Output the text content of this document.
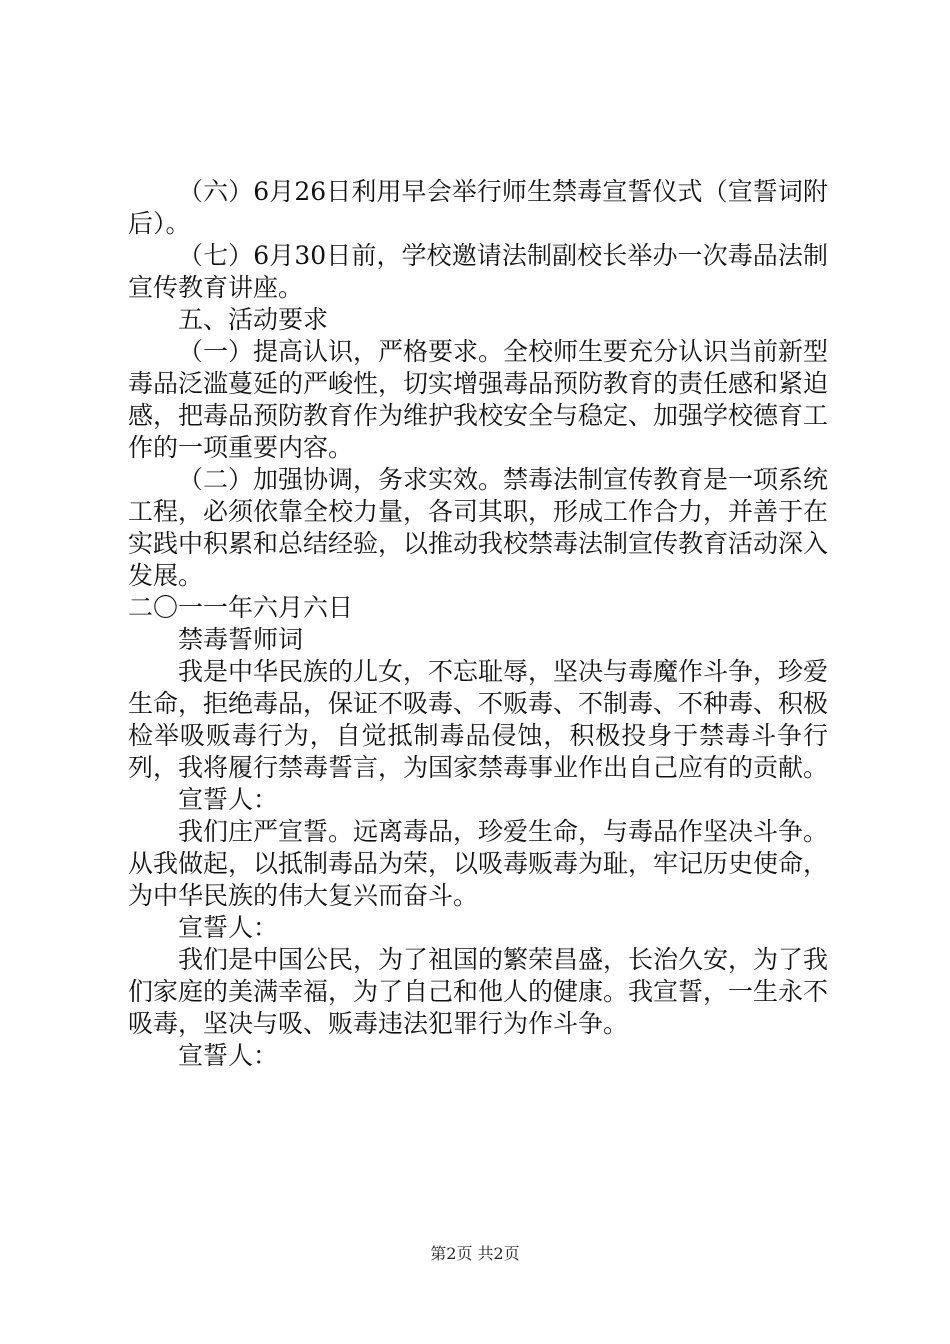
（六）6月26日利用早会举行师生禁毒宣誓仪式（宣誓词附后）。

（七）6月30日前，学校邀请法制副校长举办一次毒品法制宣传教育讲座。

五、活动要求

（一）提高认识，严格要求。全校师生要充分认识当前新型毒品泛滥蔓延的严峻性，切实增强毒品预防教育的责任感和紧迫感，把毒品预防教育作为维护我校安全与稳定、加强学校德育工作的一项重要内容。

（二）加强协调，务求实效。禁毒法制宣传教育是一项系统工程，必须依靠全校力量，各司其职，形成工作合力，并善于在实践中积累和总结经验，以推动我校禁毒法制宣传教育活动深入发展。

二〇一一年六月六日

禁毒誓师词

我是中华民族的儿女，不忘耻辱，坚决与毒魔作斗争，珍爱生命，拒绝毒品，保证不吸毒、不贩毒、不制毒、不种毒、积极检举吸贩毒行为，自觉抵制毒品侵蚀，积极投身于禁毒斗争行列，我将履行禁毒誓言，为国家禁毒事业作出自己应有的贡献。

宣誓人：

我们庄严宣誓。远离毒品，珍爱生命，与毒品作坚决斗争。从我做起，以抵制毒品为荣，以吸毒贩毒为耻，牢记历史使命，为中华民族的伟大复兴而奋斗。

宣誓人：

我们是中国公民，为了祖国的繁荣昌盛，长治久安，为了我们家庭的美满幸福，为了自己和他人的健康。我宣誓，一生永不吸毒，坚决与吸、贩毒违法犯罪行为作斗争。

宣誓人：

第2页 共2页
